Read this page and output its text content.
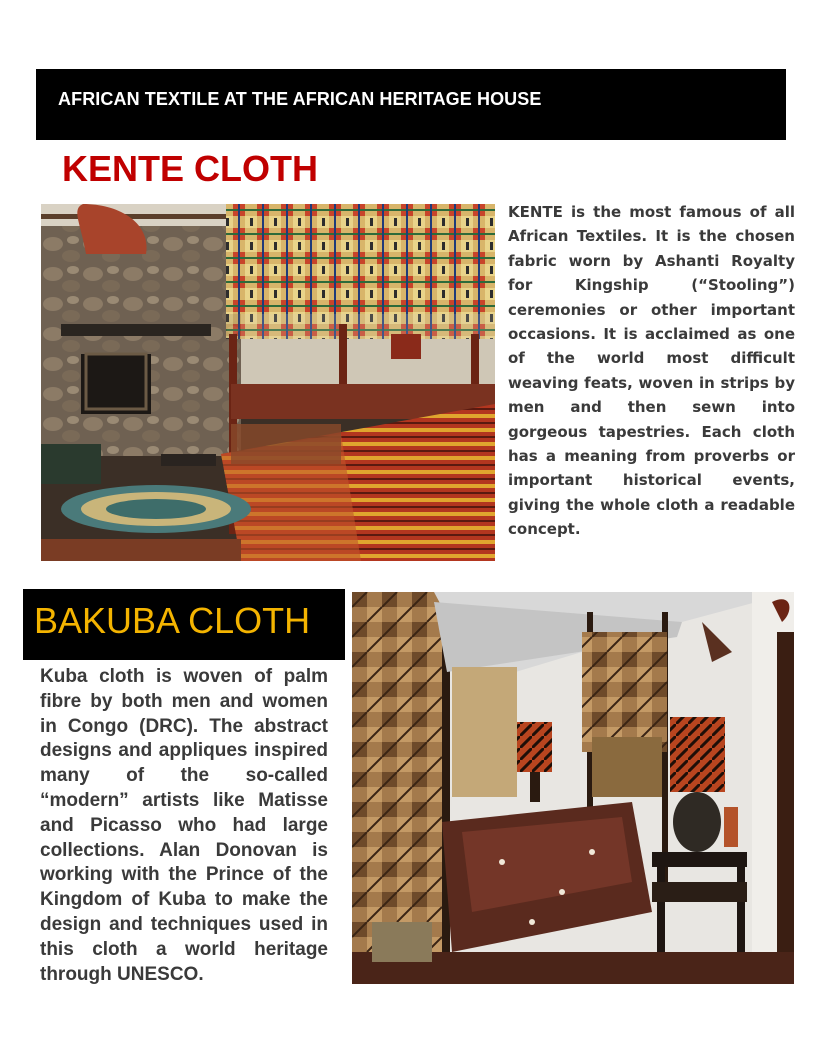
AFRICAN TEXTILE AT THE AFRICAN HERITAGE HOUSE
KENTE CLOTH
KENTE is the most famous of all African Textiles. It is the chosen fabric worn by Ashanti Royalty for Kingship (“Stooling”) ceremonies or other important occasions. It is acclaimed as one of the world most difficult weaving feats, woven in strips by men and then sewn into gorgeous tapestries. Each cloth has a meaning from proverbs or important historical events, giving the whole cloth a readable concept.
BAKUBA CLOTH
Kuba cloth is woven of palm fibre by both men and women in Congo (DRC). The abstract designs and appliques inspired many of the so-called “modern” artists like Matisse and Picasso who had large collections. Alan Donovan is working with the Prince of the Kingdom of Kuba to make the design and techniques used in this cloth a world heritage through UNESCO.
